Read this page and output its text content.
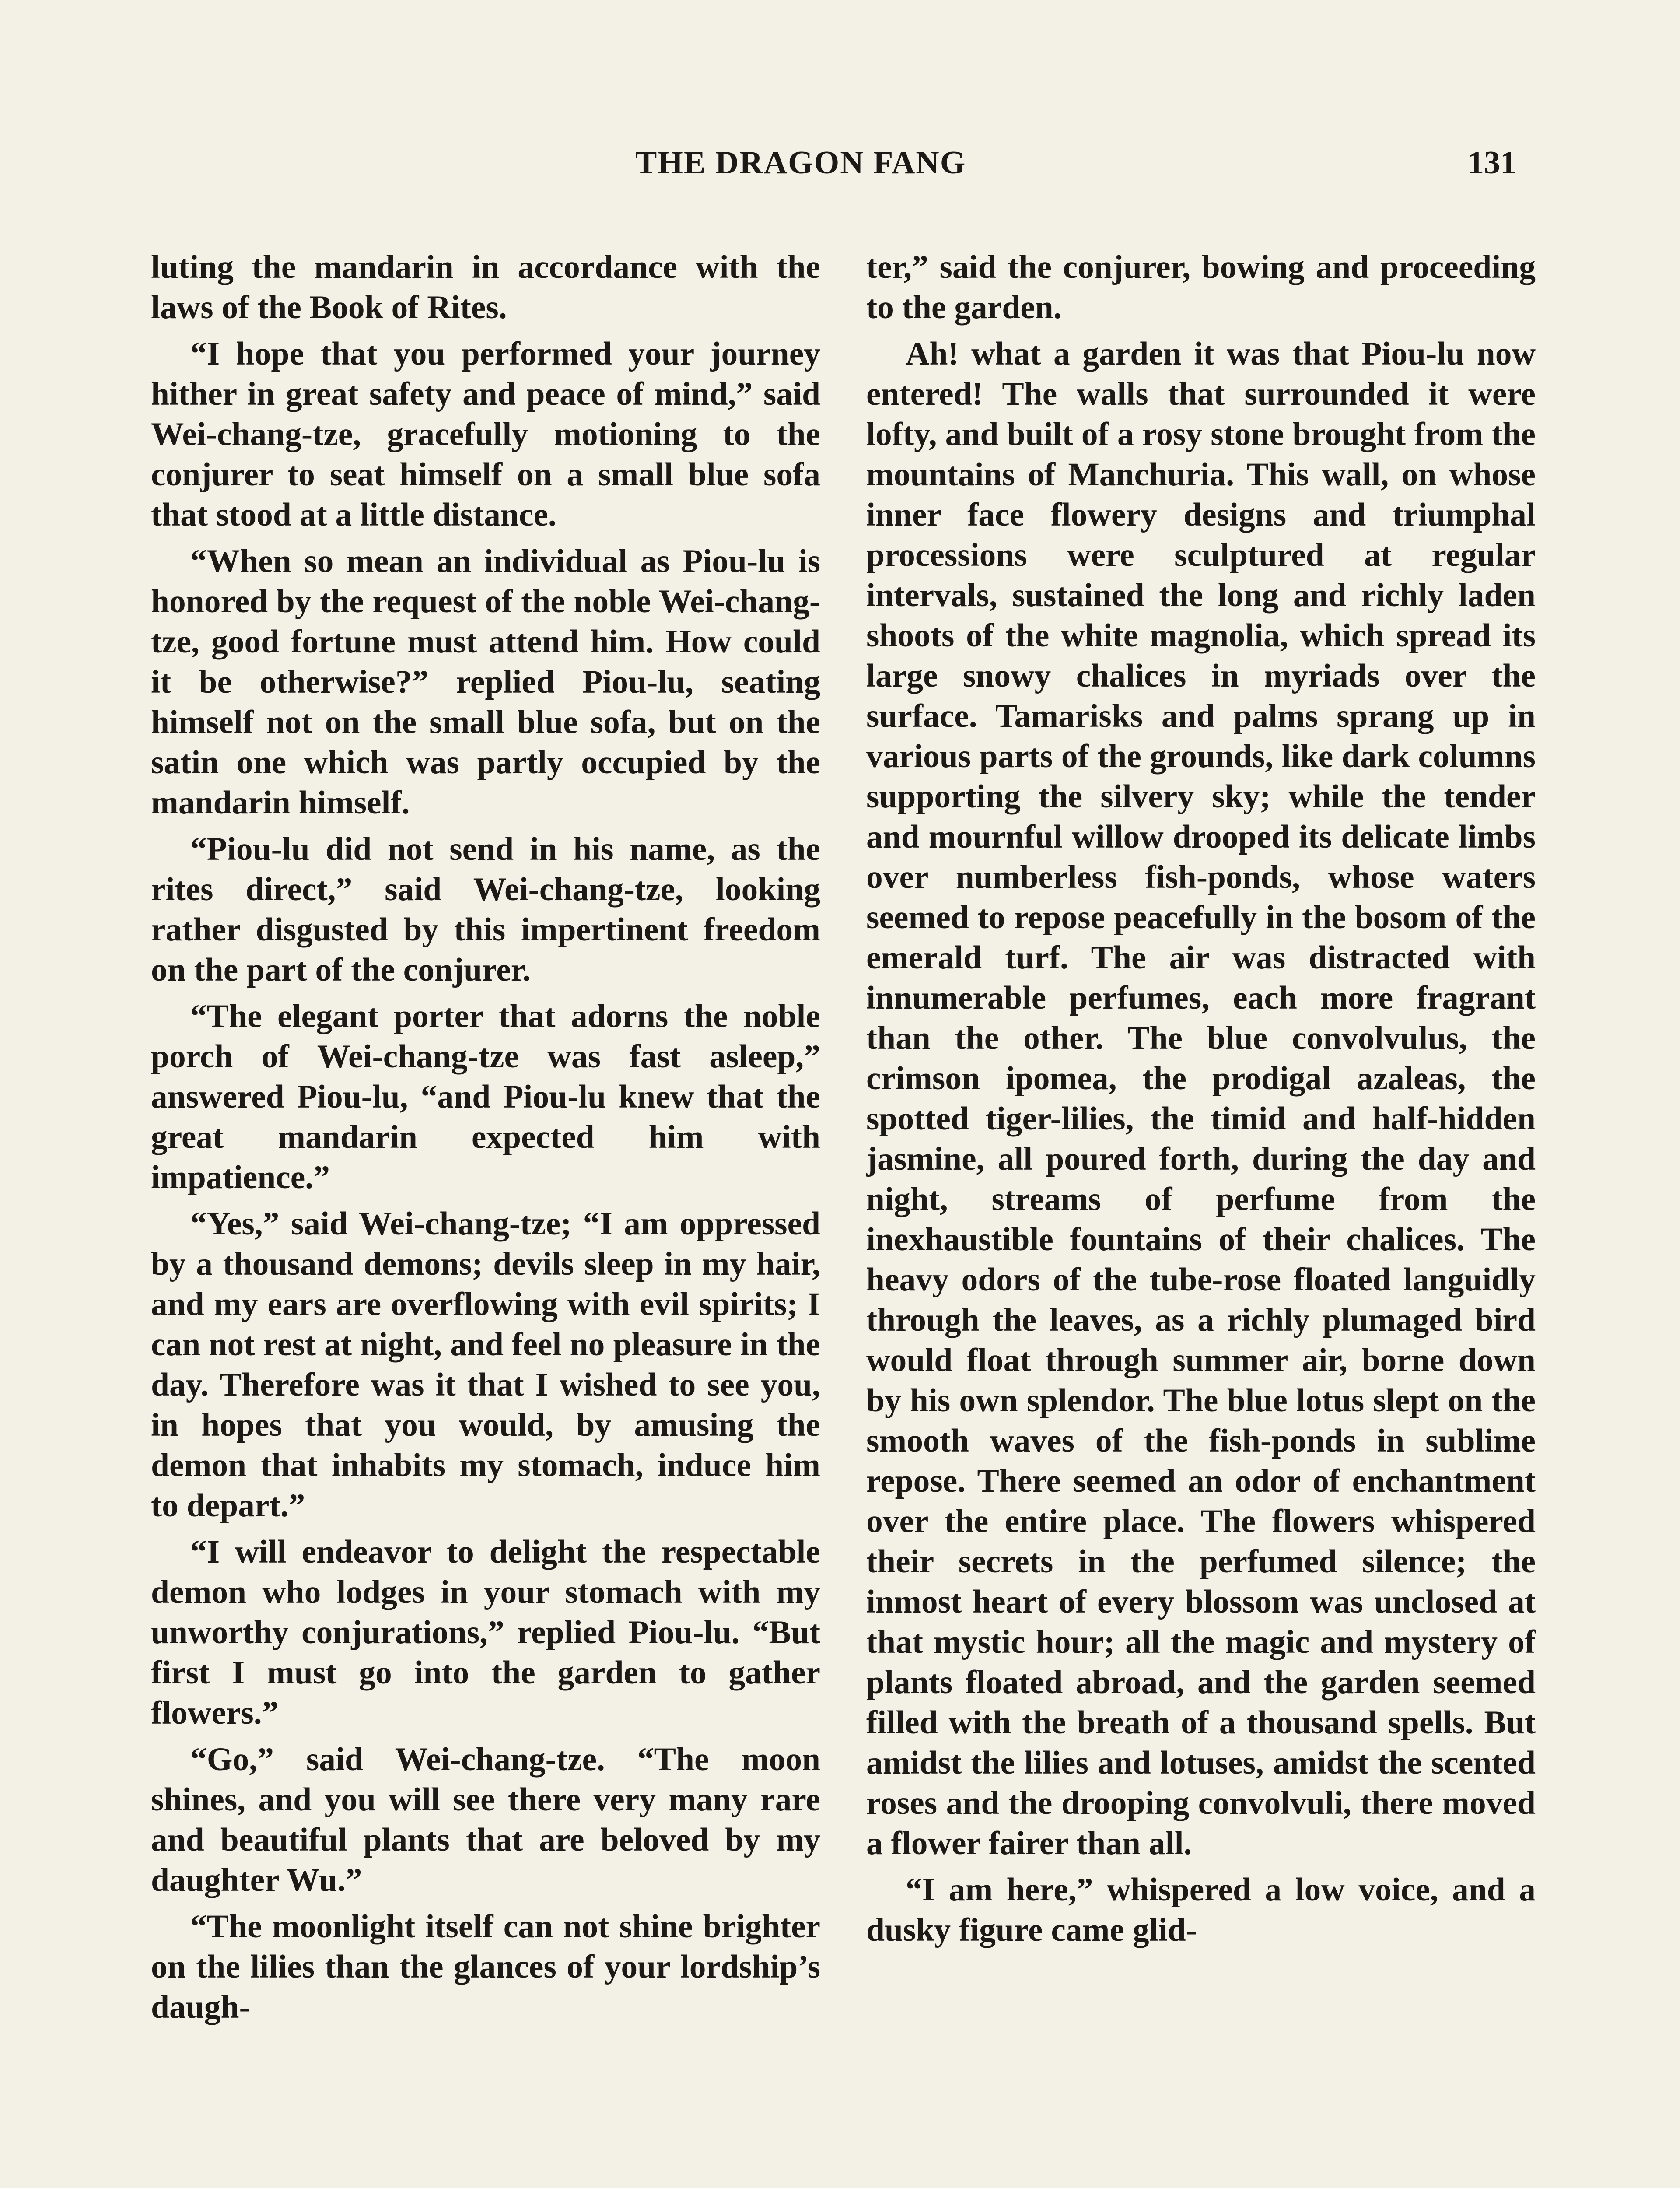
THE DRAGON FANG	131

luting the mandarin in accordance with the laws of the Book of Rites.

“I hope that you performed your journey hither in great safety and peace of mind,” said Wei-chang-tze, gracefully motioning to the conjurer to seat himself on a small blue sofa that stood at a little distance.

“When so mean an individual as Piou-lu is honored by the request of the noble Wei-chang-tze, good fortune must attend him. How could it be otherwise?” replied Piou-lu, seating himself not on the small blue sofa, but on the satin one which was partly occupied by the mandarin himself.

“Piou-lu did not send in his name, as the rites direct,” said Wei-chang-tze, looking rather disgusted by this impertinent freedom on the part of the conjurer.

“The elegant porter that adorns the noble porch of Wei-chang-tze was fast asleep,” answered Piou-lu, “and Piou-lu knew that the great mandarin expected him with impatience.”

“Yes,” said Wei-chang-tze; “I am oppressed by a thousand demons; devils sleep in my hair, and my ears are overflowing with evil spirits; I can not rest at night, and feel no pleasure in the day. Therefore was it that I wished to see you, in hopes that you would, by amusing the demon that inhabits my stomach, induce him to depart.”

“I will endeavor to delight the respectable demon who lodges in your stomach with my unworthy conjurations,” replied Piou-lu. “But first I must go into the garden to gather flowers.”

“Go,” said Wei-chang-tze. “The moon shines, and you will see there very many rare and beautiful plants that are beloved by my daughter Wu.”

“The moonlight itself can not shine brighter on the lilies than the glances of your lordship’s daugh-

ter,” said the conjurer, bowing and proceeding to the garden.

Ah! what a garden it was that Piou-lu now entered! The walls that surrounded it were lofty, and built of a rosy stone brought from the mountains of Manchuria. This wall, on whose inner face flowery designs and triumphal processions were sculptured at regular intervals, sustained the long and richly laden shoots of the white magnolia, which spread its large snowy chalices in myriads over the surface. Tamarisks and palms sprang up in various parts of the grounds, like dark columns supporting the silvery sky; while the tender and mournful willow drooped its delicate limbs over numberless fish-ponds, whose waters seemed to repose peacefully in the bosom of the emerald turf. The air was distracted with innumerable perfumes, each more fragrant than the other. The blue convolvulus, the crimson ipomea, the prodigal azaleas, the spotted tiger-lilies, the timid and half-hidden jasmine, all poured forth, during the day and night, streams of perfume from the inexhaustible fountains of their chalices. The heavy odors of the tube-rose floated languidly through the leaves, as a richly plumaged bird would float through summer air, borne down by his own splendor. The blue lotus slept on the smooth waves of the fish-ponds in sublime repose. There seemed an odor of enchantment over the entire place. The flowers whispered their secrets in the perfumed silence; the inmost heart of every blossom was unclosed at that mystic hour; all the magic and mystery of plants floated abroad, and the garden seemed filled with the breath of a thousand spells. But amidst the lilies and lotuses, amidst the scented roses and the drooping convolvuli, there moved a flower fairer than all.

“I am here,” whispered a low voice, and a dusky figure came glid-
